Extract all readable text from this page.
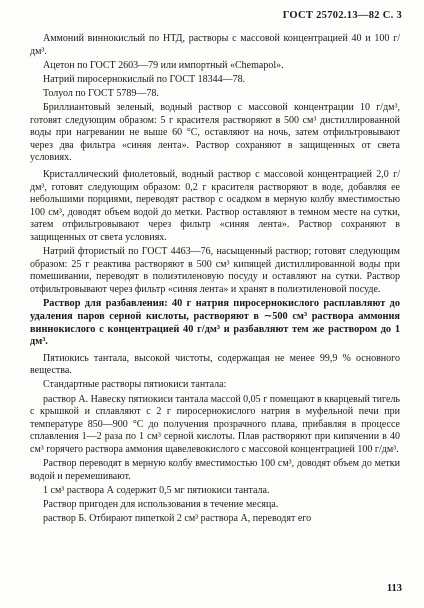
ГОСТ 25702.13—82 С. 3

Аммоний виннокислый по НТД, растворы с массовой концентрацией 40 и 100 г/дм³.

Ацетон по ГОСТ 2603—79 или импортный «Chemapol».

Натрий пиросернокислый по ГОСТ 18344—78.

Толуол по ГОСТ 5789—78.

Бриллиантовый зеленый, водный раствор с массовой концентрации 10 г/дм³, готовят следующим образом: 5 г красителя растворяют в 500 см³ дистиллированной воды при нагревании не выше 60 °С, оставляют на ночь, затем отфильтровывают через два фильтра «синяя лента». Раствор сохраняют в защищенных от света условиях.

Кристаллический фиолетовый, водный раствор с массовой концентрацией 2,0 г/дм³, готовят следующим образом: 0,2 г красителя растворяют в воде, добавляя ее небольшими порциями, переводят раствор с осадком в мерную колбу вместимостью 100 см³, доводят объем водой до метки. Раствор оставляют в темном месте на сутки, затем отфильтровывают через фильтр «синяя лента». Раствор сохраняют в защищенных от света условиях.

Натрий фтористый по ГОСТ 4463—76, насыщенный раствор; готовят следующим образом: 25 г реактива растворяют в 500 см³ кипящей дистиллированной воды при помешивании, переводят в полиэтиленовую посуду и оставляют на сутки. Раствор отфильтровывают через фильтр «синяя лента» и хранят в полиэтиленовой посуде.

Раствор для разбавления: 40 г натрия пиросернокислого расплавляют до удаления паров серной кислоты, растворяют в ∼500 см³ раствора аммония виннокислого с концентрацией 40 г/дм³ и разбавляют тем же раствором до 1 дм³.

Пятиокись тантала, высокой чистоты, содержащая не менее 99,9 % основного вещества.

Стандартные растворы пятиокиси тантала:

раствор А. Навеску пятиокиси тантала массой 0,05 г помещают в кварцевый тигель с крышкой и сплавляют с 2 г пиросернокислого натрия в муфельной печи при температуре 850—900 °С до получения прозрачного плава, прибавляя в процессе сплавления 1—2 раза по 1 см³ серной кислоты. Плав растворяют при кипячении в 40 см³ горячего раствора аммония щавелевокислого с массовой концентрацией 100 г/дм³.

Раствор переводят в мерную колбу вместимостью 100 см³, доводят объем до метки водой и перемешивают.

1 см³ раствора А содержит 0,5 мг пятиокиси тантала.

Раствор пригоден для использования в течение месяца.

раствор Б. Отбирают пипеткой 2 см³ раствора А, переводят его

113
